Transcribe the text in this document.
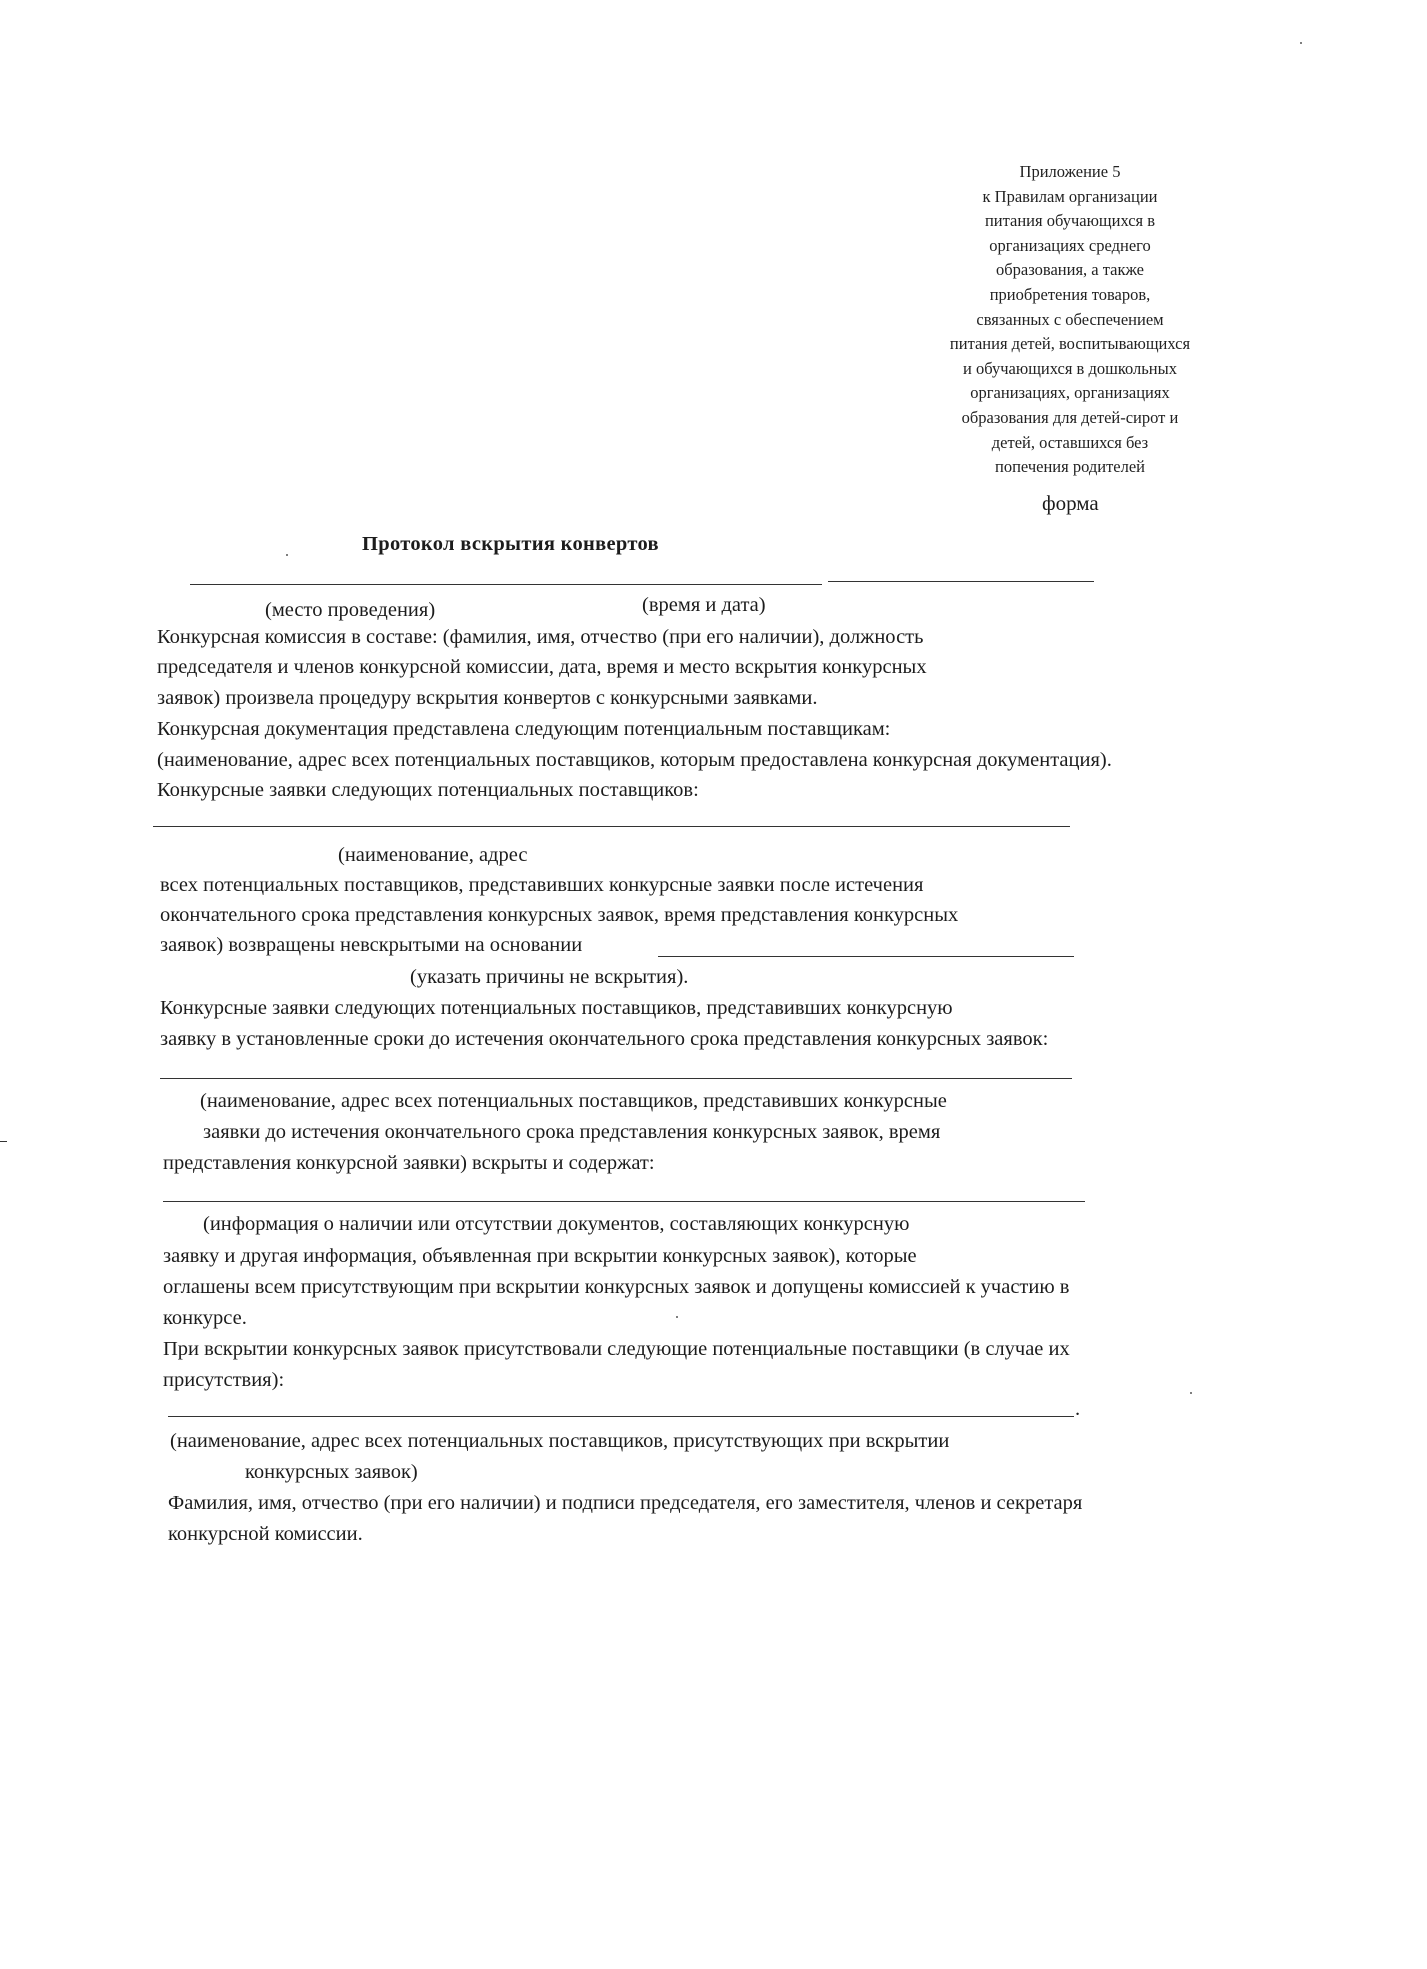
Приложение 5
к Правилам организации
питания обучающихся в
организациях среднего
образования, а также
приобретения товаров,
связанных с обеспечением
питания детей, воспитывающихся
и обучающихся в дошкольных
организациях, организациях
образования для детей-сирот и
детей, оставшихся без
попечения родителей
форма
Протокол вскрытия конвертов
(место проведения)	(время и дата)
Конкурсная комиссия в составе: (фамилия, имя, отчество (при его наличии), должность
председателя и членов конкурсной комиссии, дата, время и место вскрытия конкурсных
заявок) произвела процедуру вскрытия конвертов с конкурсными заявками.
Конкурсная документация представлена следующим потенциальным поставщикам:
(наименование, адрес всех потенциальных поставщиков, которым предоставлена конкурсная документация).
Конкурсные заявки следующих потенциальных поставщиков:
(наименование, адрес
всех потенциальных поставщиков, представивших конкурсные заявки после истечения
окончательного срока представления конкурсных заявок, время представления конкурсных
заявок) возвращены невскрытыми на основании
(указать причины не вскрытия).
Конкурсные заявки следующих потенциальных поставщиков, представивших конкурсную
заявку в установленные сроки до истечения окончательного срока представления конкурсных заявок:
(наименование, адрес всех потенциальных поставщиков, представивших конкурсные
заявки до истечения окончательного срока представления конкурсных заявок, время
представления конкурсной заявки) вскрыты и содержат:
(информация о наличии или отсутствии документов, составляющих конкурсную
заявку и другая информация, объявленная при вскрытии конкурсных заявок), которые
оглашены всем присутствующим при вскрытии конкурсных заявок и допущены комиссией к участию в
конкурсе.
При вскрытии конкурсных заявок присутствовали следующие потенциальные поставщики (в случае их
присутствия):
.
(наименование, адрес всех потенциальных поставщиков, присутствующих при вскрытии
конкурсных заявок)
Фамилия, имя, отчество (при его наличии) и подписи председателя, его заместителя, членов и секретаря
конкурсной комиссии.
